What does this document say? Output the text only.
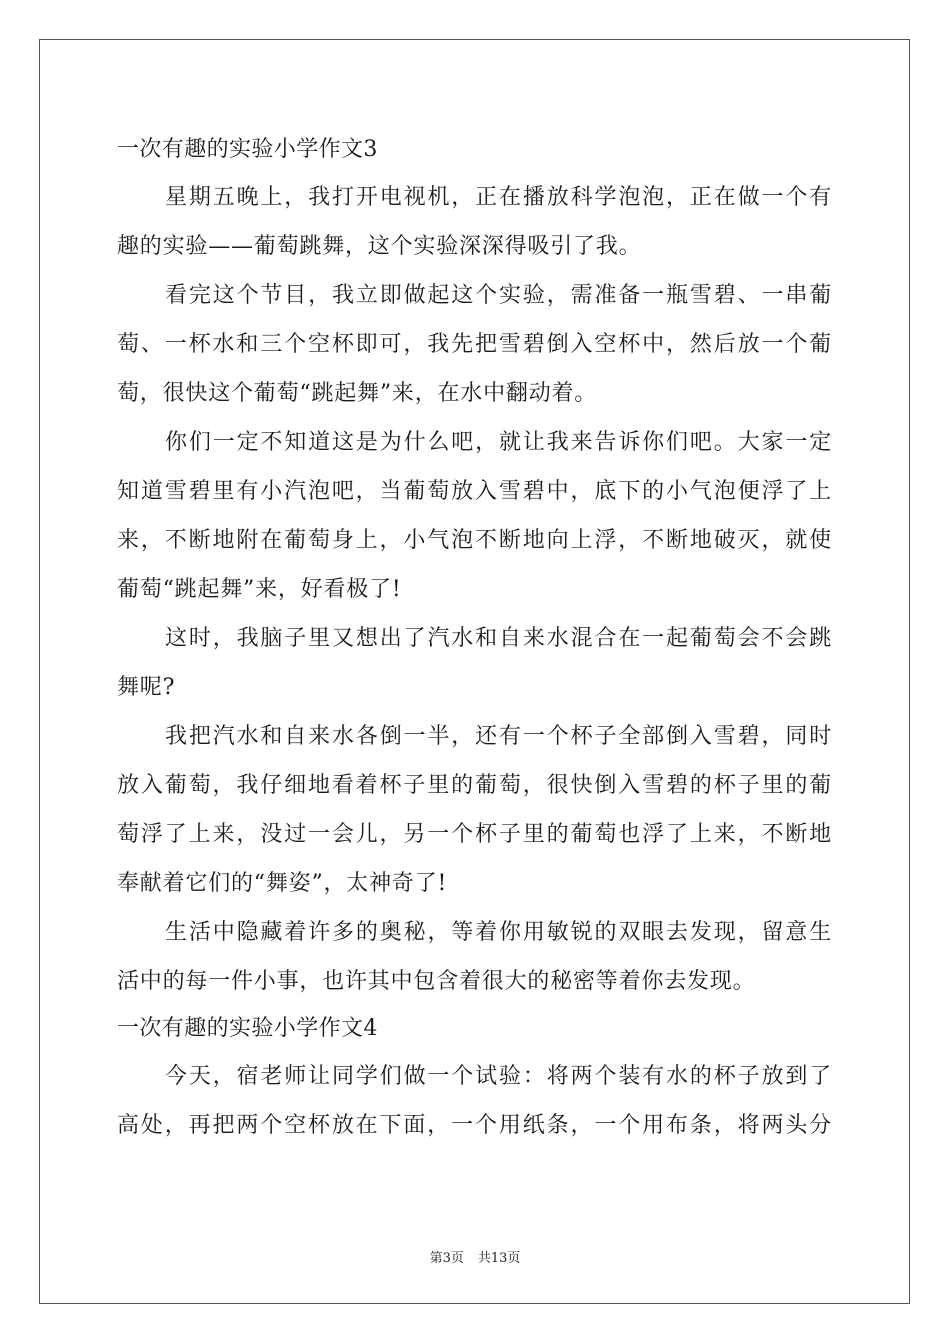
一次有趣的实验小学作文3
星期五晚上，我打开电视机，正在播放科学泡泡，正在做一个有
趣的实验——葡萄跳舞，这个实验深深得吸引了我。
看完这个节目，我立即做起这个实验，需准备一瓶雪碧、一串葡
萄、一杯水和三个空杯即可，我先把雪碧倒入空杯中，然后放一个葡
萄，很快这个葡萄“跳起舞”来，在水中翻动着。
你们一定不知道这是为什么吧，就让我来告诉你们吧。大家一定
知道雪碧里有小汽泡吧，当葡萄放入雪碧中，底下的小气泡便浮了上
来，不断地附在葡萄身上，小气泡不断地向上浮，不断地破灭，就使
葡萄“跳起舞”来，好看极了!
这时，我脑子里又想出了汽水和自来水混合在一起葡萄会不会跳
舞呢?
我把汽水和自来水各倒一半，还有一个杯子全部倒入雪碧，同时
放入葡萄，我仔细地看着杯子里的葡萄，很快倒入雪碧的杯子里的葡
萄浮了上来，没过一会儿，另一个杯子里的葡萄也浮了上来，不断地
奉献着它们的“舞姿”，太神奇了!
生活中隐藏着许多的奥秘，等着你用敏锐的双眼去发现，留意生
活中的每一件小事，也许其中包含着很大的秘密等着你去发现。
一次有趣的实验小学作文4
今天，宿老师让同学们做一个试验：将两个装有水的杯子放到了
高处，再把两个空杯放在下面，一个用纸条，一个用布条，将两头分
第3页 共13页
